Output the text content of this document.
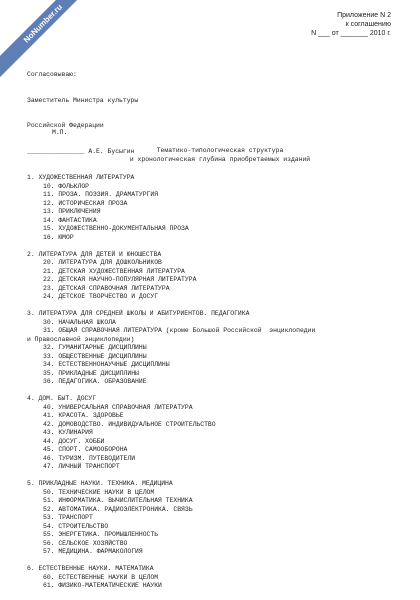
NoNumber.ru	Приложение N 2
к соглашению
N ___ от _______ 2010 г.

Согласовываю:

Заместитель Министра культуры

Российской Федерации

_______________ А.Е. Бусыгин

М.П.
Тематико-типологическая структура
и хронологическая глубина приобретаемых изданий
1. ХУДОЖЕСТВЕННАЯ ЛИТЕРАТУРА
10. ФОЛЬКЛОР
11. ПРОЗА. ПОЭЗИЯ. ДРАМАТУРГИЯ
12. ИСТОРИЧЕСКАЯ ПРОЗА
13. ПРИКЛЮЧЕНИЯ
14. ФАНТАСТИКА
15. ХУДОЖЕСТВЕННО-ДОКУМЕНТАЛЬНАЯ ПРОЗА
16. ЮМОР
2. ЛИТЕРАТУРА ДЛЯ ДЕТЕЙ И ЮНОШЕСТВА
20. ЛИТЕРАТУРА ДЛЯ ДОШКОЛЬНИКОВ
21. ДЕТСКАЯ ХУДОЖЕСТВЕННАЯ ЛИТЕРАТУРА
22. ДЕТСКАЯ НАУЧНО-ПОПУЛЯРНАЯ ЛИТЕРАТУРА
23. ДЕТСКАЯ СПРАВОЧНАЯ ЛИТЕРАТУРА
24. ДЕТСКОЕ ТВОРЧЕСТВО И ДОСУГ
3. ЛИТЕРАТУРА ДЛЯ СРЕДНЕЙ ШКОЛЫ И АБИТУРИЕНТОВ. ПЕДАГОГИКА
30. НАЧАЛЬНАЯ ШКОЛА
31. ОБЩАЯ СПРАВОЧНАЯ ЛИТЕРАТУРА (кроме Большой Российской  энциклопедии
и Православной энциклопедии)
32. ГУМАНИТАРНЫЕ ДИСЦИПЛИНЫ
33. ОБЩЕСТВЕННЫЕ ДИСЦИПЛИНЫ
34. ЕСТЕСТВЕННОНАУЧНЫЕ ДИСЦИПЛИНЫ
35. ПРИКЛАДНЫЕ ДИСЦИПЛИНЫ
36. ПЕДАГОГИКА. ОБРАЗОВАНИЕ
4. ДОМ. БЫТ. ДОСУГ
40. УНИВЕРСАЛЬНАЯ СПРАВОЧНАЯ ЛИТЕРАТУРА
41. КРАСОТА. ЗДОРОВЬЕ
42. ДОМОВОДСТВО. ИНДИВИДУАЛЬНОЕ СТРОИТЕЛЬСТВО
43. КУЛИНАРИЯ
44. ДОСУГ. ХОББИ
45. СПОРТ. САМООБОРОНА
46. ТУРИЗМ. ПУТЕВОДИТЕЛИ
47. ЛИЧНЫЙ ТРАНСПОРТ
5. ПРИКЛАДНЫЕ НАУКИ. ТЕХНИКА. МЕДИЦИНА
50. ТЕХНИЧЕСКИЕ НАУКИ В ЦЕЛОМ
51. ИНФОРМАТИКА. ВЫЧИСЛИТЕЛЬНАЯ ТЕХНИКА
52. АВТОМАТИКА. РАДИОЭЛЕКТРОНИКА. СВЯЗЬ
53. ТРАНСПОРТ
54. СТРОИТЕЛЬСТВО
55. ЭНЕРГЕТИКА. ПРОМЫШЛЕННОСТЬ
56. СЕЛЬСКОЕ ХОЗЯЙСТВО
57. МЕДИЦИНА. ФАРМАКОЛОГИЯ
6. ЕСТЕСТВЕННЫЕ НАУКИ. МАТЕМАТИКА
60. ЕСТЕСТВЕННЫЕ НАУКИ В ЦЕЛОМ
61. ФИЗИКО-МАТЕМАТИЧЕСКИЕ НАУКИ
